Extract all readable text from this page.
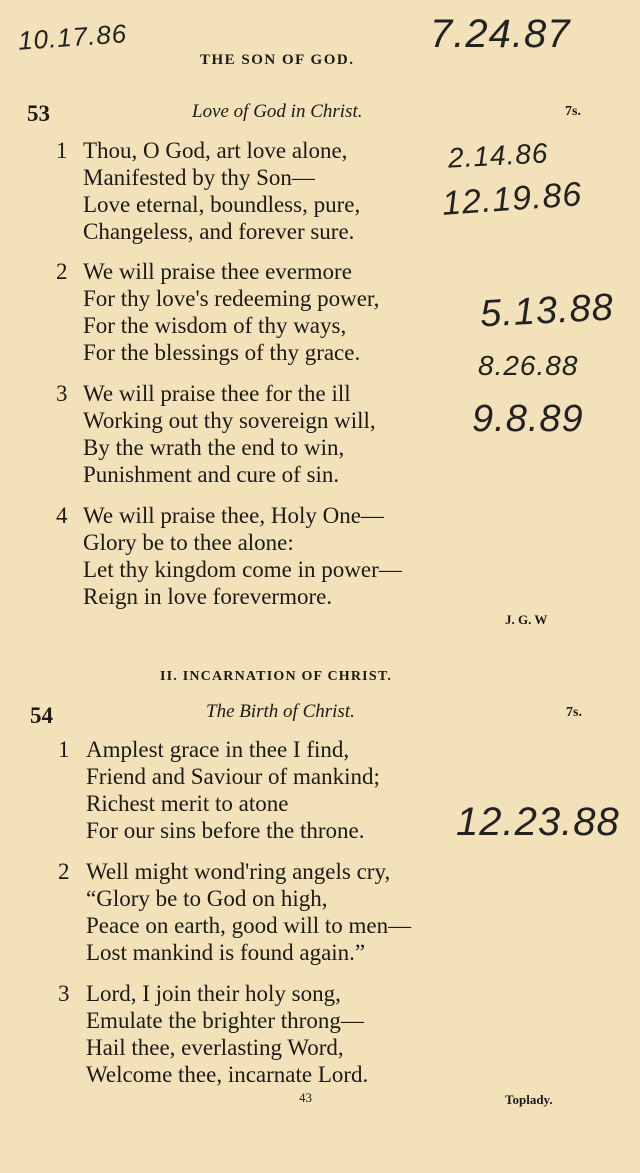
10.17.86
THE SON OF GOD.
7.24.87
53	Love of God in Christ.	7s.
1 Thou, O God, art love alone,
Manifested by thy Son—
Love eternal, boundless, pure,
Changeless, and forever sure.
2.14.86
12.19.86
2 We will praise thee evermore
For thy love's redeeming power,
For the wisdom of thy ways,
For the blessings of thy grace.
5.13.88
8.26.88
3 We will praise thee for the ill
Working out thy sovereign will,
By the wrath the end to win,
Punishment and cure of sin.
9.8.89
4 We will praise thee, Holy One—
Glory be to thee alone:
Let thy kingdom come in power—
Reign in love forevermore.
J. G. W
II. INCARNATION OF CHRIST.
54	The Birth of Christ.	7s.
1 Amplest grace in thee I find,
Friend and Saviour of mankind;
Richest merit to atone
For our sins before the throne. 12.23.88
2 Well might wond'ring angels cry,
“Glory be to God on high,
Peace on earth, good will to men—
Lost mankind is found again.”
3 Lord, I join their holy song,
Emulate the brighter throng—
Hail thee, everlasting Word,
Welcome thee, incarnate Lord.
43	Toplady.
